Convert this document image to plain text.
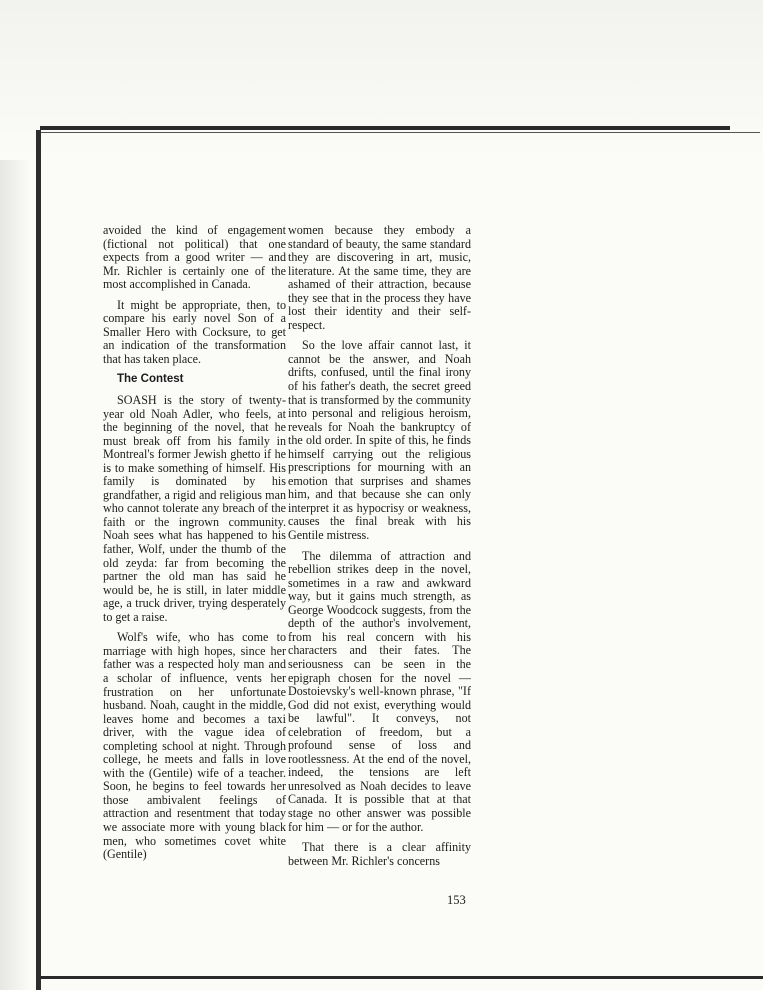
avoided the kind of engagement (fictional not political) that one expects from a good writer — and Mr. Richler is certainly one of the most accomplished in Canada.

It might be appropriate, then, to compare his early novel Son of a Smaller Hero with Cocksure, to get an indication of the transformation that has taken place.

The Contest

SOASH is the story of twenty-year old Noah Adler, who feels, at the beginning of the novel, that he must break off from his family in Montreal's former Jewish ghetto if he is to make something of himself. His family is dominated by his grandfather, a rigid and religious man who cannot tolerate any breach of the faith or the ingrown community. Noah sees what has happened to his father, Wolf, under the thumb of the old zeyda: far from becoming the partner the old man has said he would be, he is still, in later middle age, a truck driver, trying desperately to get a raise.

Wolf's wife, who has come to marriage with high hopes, since her father was a respected holy man and a scholar of influence, vents her frustration on her unfortunate husband. Noah, caught in the middle, leaves home and becomes a taxi driver, with the vague idea of completing school at night. Through college, he meets and falls in love with the (Gentile) wife of a teacher. Soon, he begins to feel towards her those ambivalent feelings of attraction and resentment that today we associate more with young black men, who sometimes covet white (Gentile)

women because they embody a standard of beauty, the same standard they are discovering in art, music, literature. At the same time, they are ashamed of their attraction, because they see that in the process they have lost their identity and their self-respect.

So the love affair cannot last, it cannot be the answer, and Noah drifts, confused, until the final irony of his father's death, the secret greed that is transformed by the community into personal and religious heroism, reveals for Noah the bankruptcy of the old order. In spite of this, he finds himself carrying out the religious prescriptions for mourning with an emotion that surprises and shames him, and that because she can only interpret it as hypocrisy or weakness, causes the final break with his Gentile mistress.

The dilemma of attraction and rebellion strikes deep in the novel, sometimes in a raw and awkward way, but it gains much strength, as George Woodcock suggests, from the depth of the author's involvement, from his real concern with his characters and their fates. The seriousness can be seen in the epigraph chosen for the novel — Dostoievsky's well-known phrase, "If God did not exist, everything would be lawful". It conveys, not celebration of freedom, but a profound sense of loss and rootlessness. At the end of the novel, indeed, the tensions are left unresolved as Noah decides to leave Canada. It is possible that at that stage no other answer was possible for him — or for the author.

That there is a clear affinity between Mr. Richler's concerns

153
